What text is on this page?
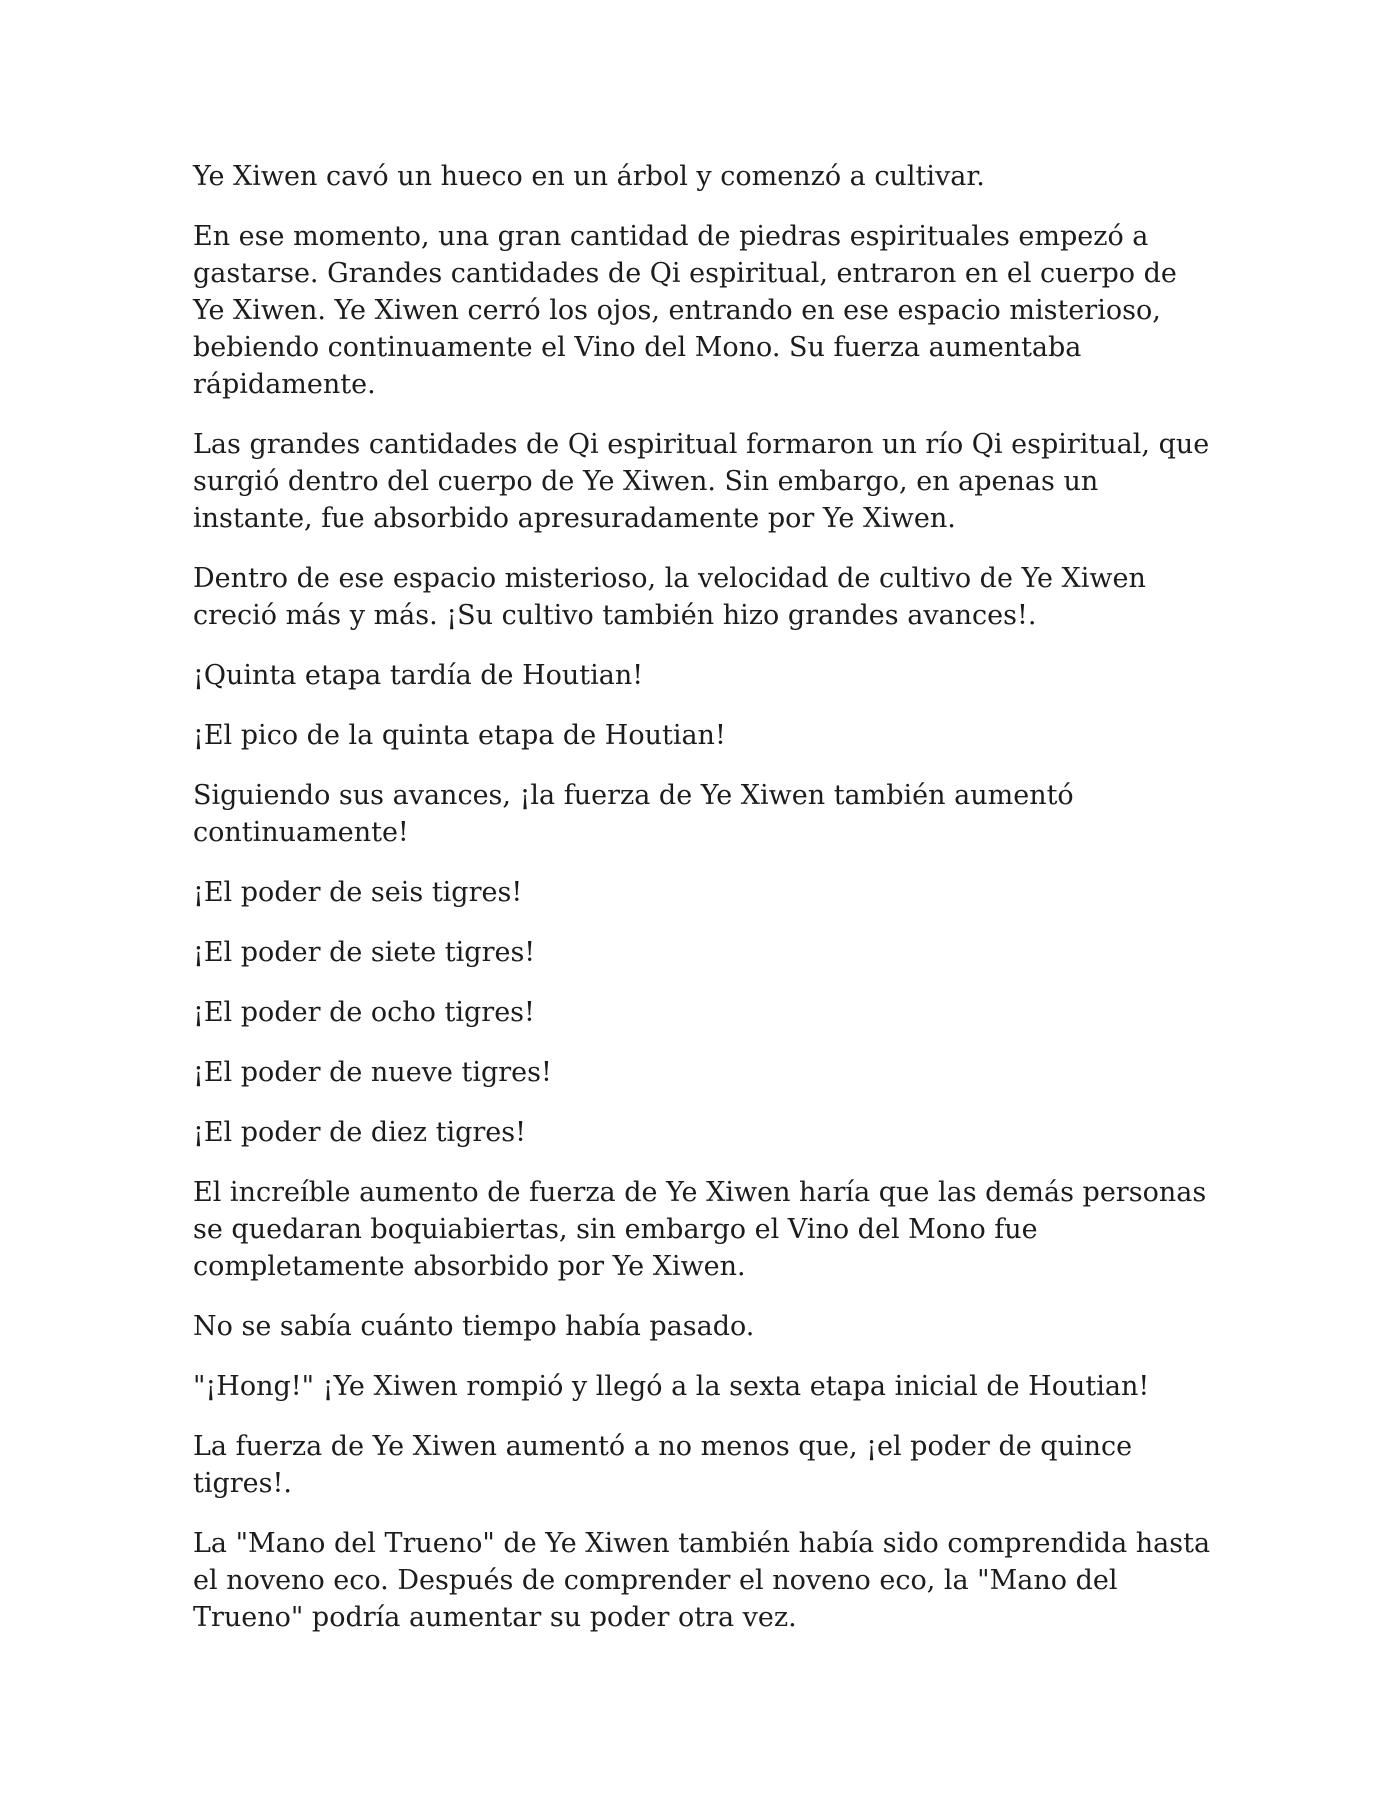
Ye Xiwen cavó un hueco en un árbol y comenzó a cultivar.

En ese momento, una gran cantidad de piedras espirituales empezó a gastarse. Grandes cantidades de Qi espiritual, entraron en el cuerpo de Ye Xiwen. Ye Xiwen cerró los ojos, entrando en ese espacio misterioso, bebiendo continuamente el Vino del Mono. Su fuerza aumentaba rápidamente.

Las grandes cantidades de Qi espiritual formaron un río Qi espiritual, que surgió dentro del cuerpo de Ye Xiwen. Sin embargo, en apenas un instante, fue absorbido apresuradamente por Ye Xiwen.

Dentro de ese espacio misterioso, la velocidad de cultivo de Ye Xiwen creció más y más. ¡Su cultivo también hizo grandes avances!.

¡Quinta etapa tardía de Houtian!

¡El pico de la quinta etapa de Houtian!

Siguiendo sus avances, ¡la fuerza de Ye Xiwen también aumentó continuamente!

¡El poder de seis tigres!

¡El poder de siete tigres!

¡El poder de ocho tigres!

¡El poder de nueve tigres!

¡El poder de diez tigres!

El increíble aumento de fuerza de Ye Xiwen haría que las demás personas se quedaran boquiabiertas, sin embargo el Vino del Mono fue completamente absorbido por Ye Xiwen.

No se sabía cuánto tiempo había pasado.

"¡Hong!" ¡Ye Xiwen rompió y llegó a la sexta etapa inicial de Houtian!

La fuerza de Ye Xiwen aumentó a no menos que, ¡el poder de quince tigres!.

La "Mano del Trueno" de Ye Xiwen también había sido comprendida hasta el noveno eco. Después de comprender el noveno eco, la "Mano del Trueno" podría aumentar su poder otra vez.
